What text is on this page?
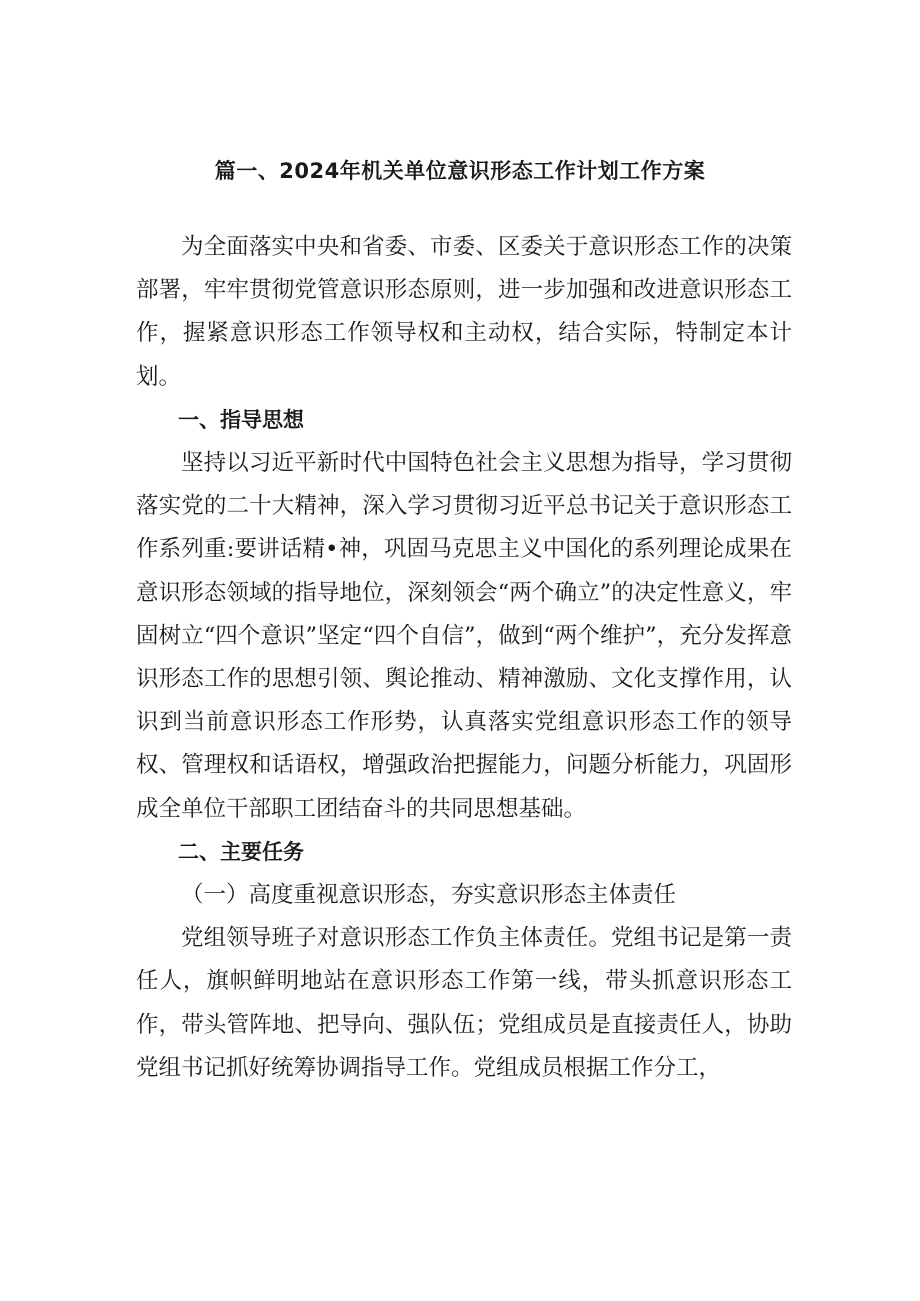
篇一、2024年机关单位意识形态工作计划工作方案

为全面落实中央和省委、市委、区委关于意识形态工作的决策部署，牢牢贯彻党管意识形态原则，进一步加强和改进意识形态工作，握紧意识形态工作领导权和主动权，结合实际，特制定本计划。

一、指导思想

坚持以习近平新时代中国特色社会主义思想为指导，学习贯彻落实党的二十大精神，深入学习贯彻习近平总书记关于意识形态工作系列重:要讲话精•神，巩固马克思主义中国化的系列理论成果在意识形态领域的指导地位，深刻领会“两个确立”的决定性意义，牢固树立“四个意识”坚定“四个自信”，做到“两个维护”，充分发挥意识形态工作的思想引领、舆论推动、精神激励、文化支撑作用，认识到当前意识形态工作形势，认真落实党组意识形态工作的领导权、管理权和话语权，增强政治把握能力，问题分析能力，巩固形成全单位干部职工团结奋斗的共同思想基础。

二、主要任务

（一）高度重视意识形态，夯实意识形态主体责任

党组领导班子对意识形态工作负主体责任。党组书记是第一责任人，旗帜鲜明地站在意识形态工作第一线，带头抓意识形态工作，带头管阵地、把导向、强队伍；党组成员是直接责任人，协助党组书记抓好统筹协调指导工作。党组成员根据工作分工，
